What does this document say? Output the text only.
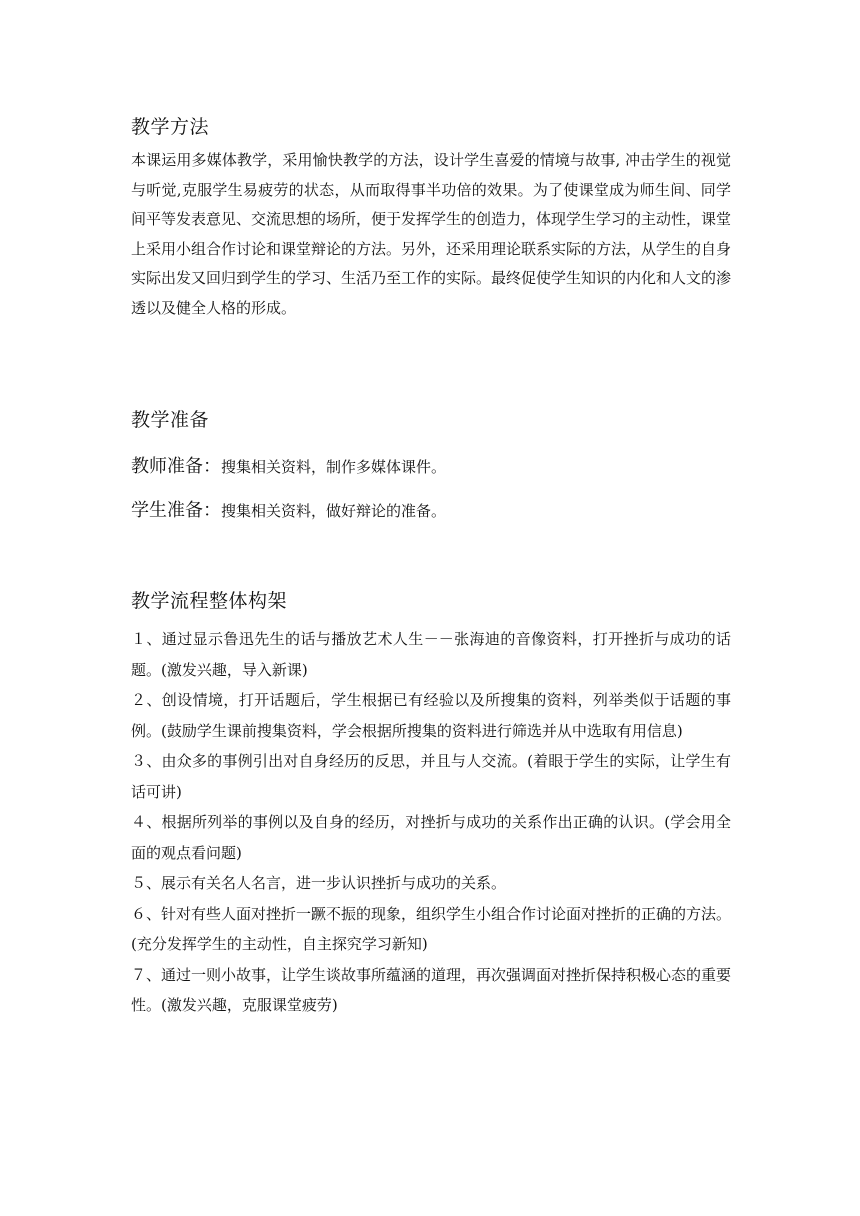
教学方法

本课运用多媒体教学，采用愉快教学的方法，设计学生喜爱的情境与故事, 冲击学生的视觉与听觉,克服学生易疲劳的状态，从而取得事半功倍的效果。为了使课堂成为师生间、同学间平等发表意见、交流思想的场所，便于发挥学生的创造力，体现学生学习的主动性，课堂上采用小组合作讨论和课堂辩论的方法。另外，还采用理论联系实际的方法，从学生的自身实际出发又回归到学生的学习、生活乃至工作的实际。最终促使学生知识的内化和人文的渗透以及健全人格的形成。

教学准备

教师准备：搜集相关资料，制作多媒体课件。

学生准备：搜集相关资料，做好辩论的准备。

教学流程整体构架
１、通过显示鲁迅先生的话与播放艺术人生－－张海迪的音像资料，打开挫折与成功的话题。(激发兴趣，导入新课)
２、创设情境，打开话题后，学生根据已有经验以及所搜集的资料，列举类似于话题的事例。(鼓励学生课前搜集资料，学会根据所搜集的资料进行筛选并从中选取有用信息)
３、由众多的事例引出对自身经历的反思，并且与人交流。(着眼于学生的实际，让学生有话可讲)
４、根据所列举的事例以及自身的经历，对挫折与成功的关系作出正确的认识。(学会用全面的观点看问题)
５、展示有关名人名言，进一步认识挫折与成功的关系。
６、针对有些人面对挫折一蹶不振的现象，组织学生小组合作讨论面对挫折的正确的方法。(充分发挥学生的主动性，自主探究学习新知)
７、通过一则小故事，让学生谈故事所蕴涵的道理，再次强调面对挫折保持积极心态的重要性。(激发兴趣，克服课堂疲劳)
